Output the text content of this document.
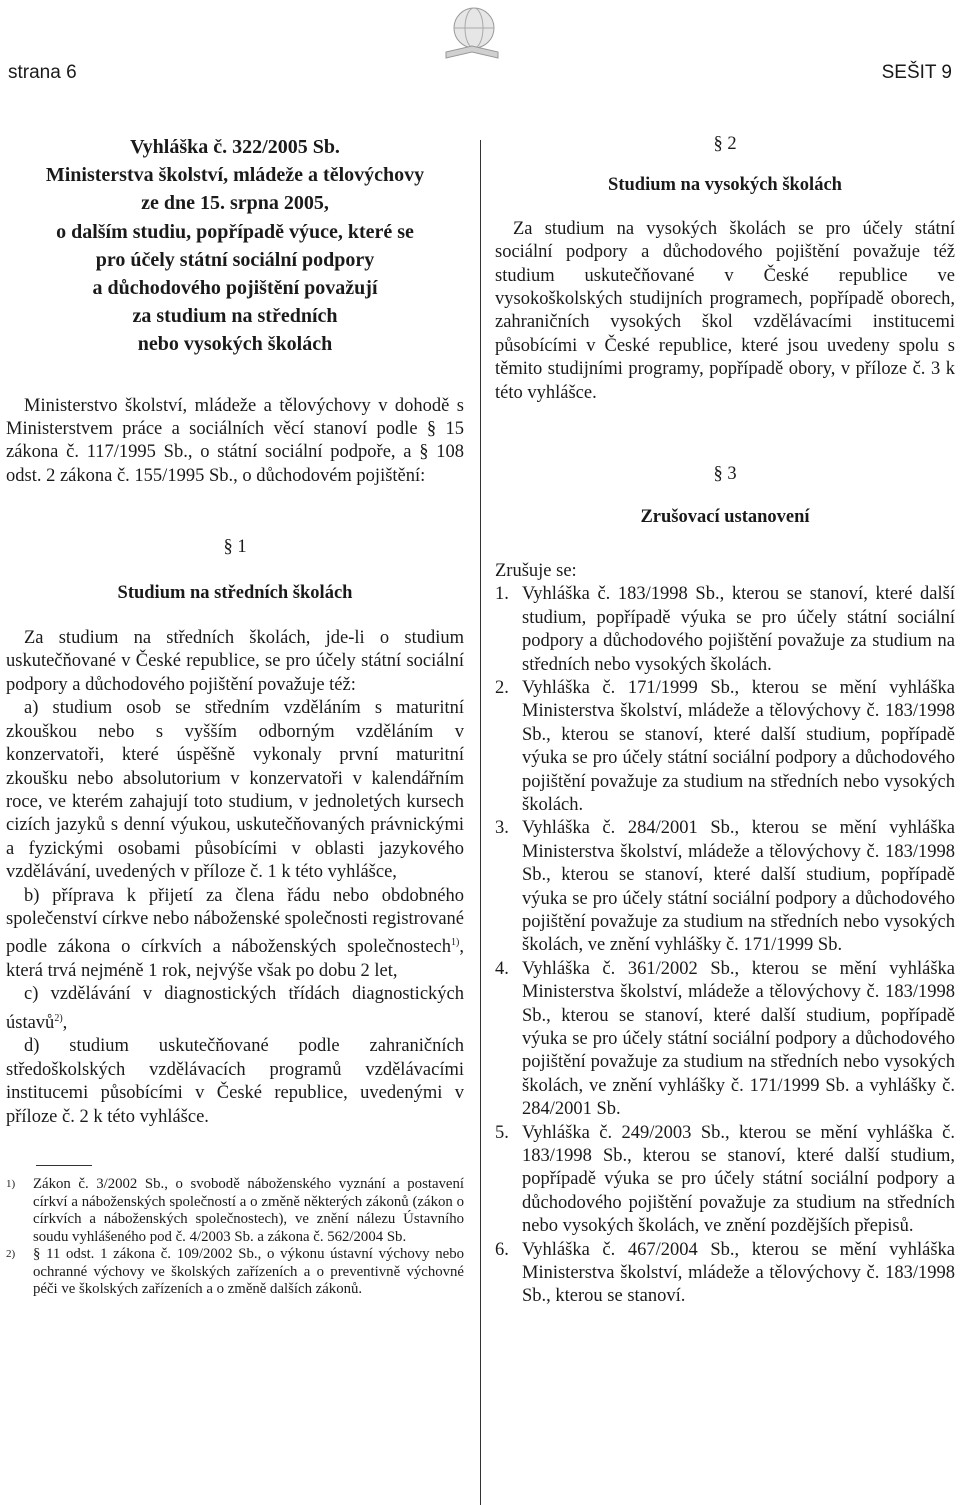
strana 6	SEŠIT 9

Vyhláška č. 322/2005 Sb.

Ministerstva školství, mládeže a tělovýchovy

ze dne 15. srpna 2005,

o dalším studiu, popřípadě výuce, které se

pro účely státní sociální podpory

a důchodového pojištění považují

za studium na středních

nebo vysokých školách

Ministerstvo školství, mládeže a tělovýchovy v dohodě s Ministerstvem práce a sociálních věcí stanoví podle § 15 zákona č. 117/1995 Sb., o státní sociální podpoře, a § 108 odst. 2 zákona č. 155/1995 Sb., o důchodovém pojištění:

§ 1
Studium na středních školách

Za studium na středních školách, jde-li o studium uskutečňované v České republice, se pro účely státní sociální podpory a důchodového pojištění považuje též:

a) studium osob se středním vzděláním s maturitní zkouškou nebo s vyšším odborným vzděláním v konzervatoři, které úspěšně vykonaly první maturitní zkoušku nebo absolutorium v konzervatoři v kalendářním roce, ve kterém zahajují toto studium, v jednoletých kursech cizích jazyků s denní výukou, uskutečňovaných právnickými a fyzickými osobami působícími v oblasti jazykového vzdělávání, uvedených v příloze č. 1 k této vyhlášce,

b) příprava k přijetí za člena řádu nebo obdobného společenství církve nebo náboženské společnosti registrované podle zákona o církvích a náboženských společnostech$^{1)}$, která trvá nejméně 1 rok, nejvýše však po dobu 2 let,

c) vzdělávání v diagnostických třídách diagnostických ústavů$^{2)}$,

d) studium uskutečňované podle zahraničních středoškolských vzdělávacích programů vzdělávacími institucemi působícími v České republice, uvedenými v příloze č. 2 k této vyhlášce.

1)	Zákon č. 3/2002 Sb., o svobodě náboženského vyznání a postavení církví a náboženských společností a o změně některých zákonů (zákon o církvích a náboženských společnostech), ve znění nálezu Ústavního soudu vyhlášeného pod č. 4/2003 Sb. a zákona č. 562/2004 Sb.
2)	§ 11 odst. 1 zákona č. 109/2002 Sb., o výkonu ústavní výchovy nebo ochranné výchovy ve školských zařízeních a o preventivně výchovné péči ve školských zařízeních a o změně dalších zákonů.
§ 2
Studium na vysokých školách

Za studium na vysokých školách se pro účely státní sociální podpory a důchodového pojištění považuje též studium uskutečňované v České republice ve vysokoškolských studijních programech, popřípadě oborech, zahraničních vysokých škol vzdělávacími institucemi působícími v České republice, které jsou uvedeny spolu s těmito studijními programy, popřípadě obory, v příloze č. 3 k této vyhlášce.

§ 3
Zrušovací ustanovení

Zrušuje se:

1. Vyhláška č. 183/1998 Sb., kterou se stanoví, které další studium, popřípadě výuka se pro účely státní sociální podpory a důchodového pojištění považuje za studium na středních nebo vysokých školách.
2. Vyhláška č. 171/1999 Sb., kterou se mění vyhláška Ministerstva školství, mládeže a tělovýchovy č. 183/1998 Sb., kterou se stanoví, které další studium, popřípadě výuka se pro účely státní sociální podpory a důchodového pojištění považuje za studium na středních nebo vysokých školách.
3. Vyhláška č. 284/2001 Sb., kterou se mění vyhláška Ministerstva školství, mládeže a tělovýchovy č. 183/1998 Sb., kterou se stanoví, které další studium, popřípadě výuka se pro účely státní sociální podpory a důchodového pojištění považuje za studium na středních nebo vysokých školách, ve znění vyhlášky č. 171/1999 Sb.
4. Vyhláška č. 361/2002 Sb., kterou se mění vyhláška Ministerstva školství, mládeže a tělovýchovy č. 183/1998 Sb., kterou se stanoví, které další studium, popřípadě výuka se pro účely státní sociální podpory a důchodového pojištění považuje za studium na středních nebo vysokých školách, ve znění vyhlášky č. 171/1999 Sb. a vyhlášky č. 284/2001 Sb.
5. Vyhláška č. 249/2003 Sb., kterou se mění vyhláška č. 183/1998 Sb., kterou se stanoví, které další studium, popřípadě výuka se pro účely státní sociální podpory a důchodového pojištění považuje za studium na středních nebo vysokých školách, ve znění pozdějších přepisů.
6. Vyhláška č. 467/2004 Sb., kterou se mění vyhláška Ministerstva školství, mládeže a tělovýchovy č. 183/1998 Sb., kterou se stanoví.
